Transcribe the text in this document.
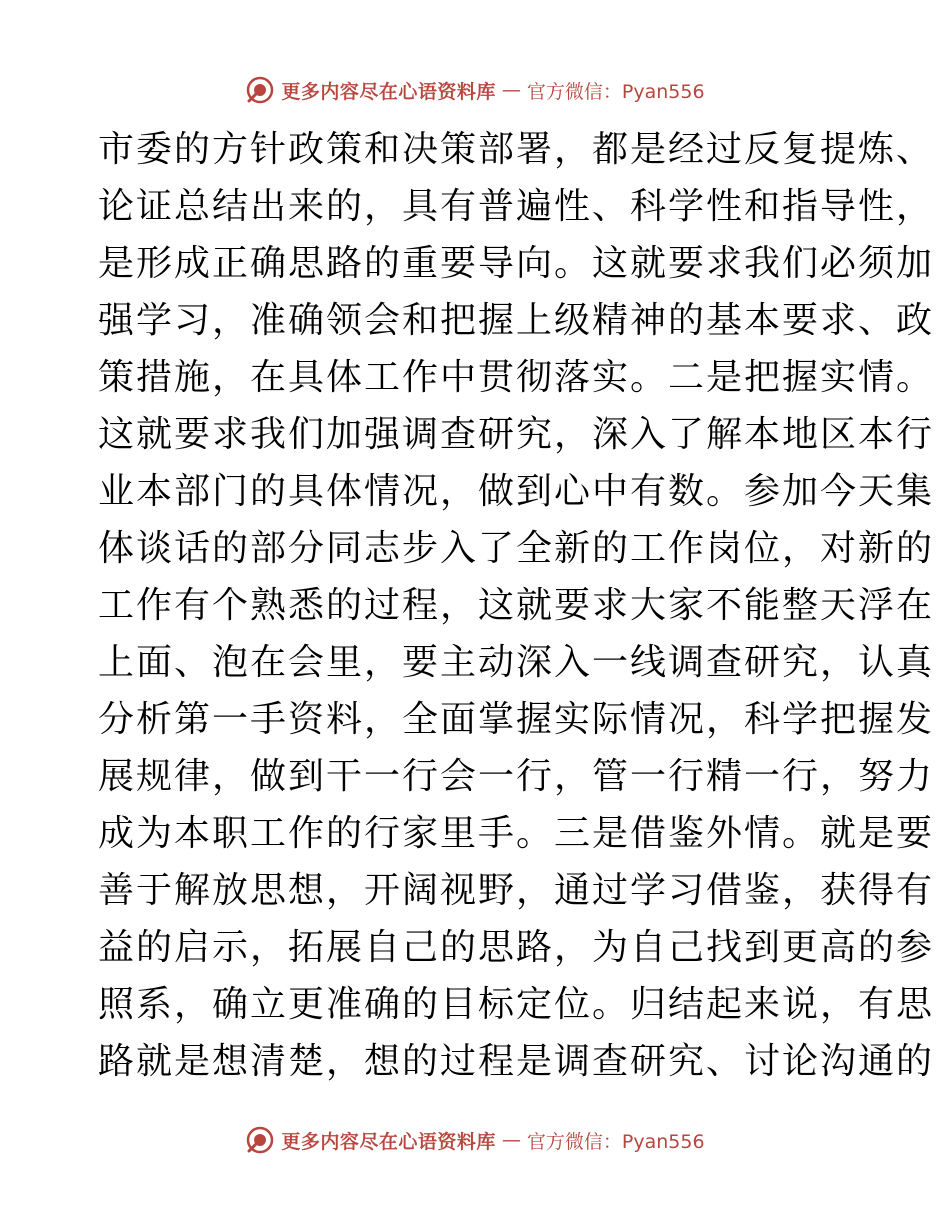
更多内容尽在心语资料库 — 官方微信：Pyan556
市委的方针政策和决策部署，都是经过反复提炼、
论证总结出来的，具有普遍性、科学性和指导性，
是形成正确思路的重要导向。这就要求我们必须加
强学习，准确领会和把握上级精神的基本要求、政
策措施，在具体工作中贯彻落实。二是把握实情。
这就要求我们加强调查研究，深入了解本地区本行
业本部门的具体情况，做到心中有数。参加今天集
体谈话的部分同志步入了全新的工作岗位，对新的
工作有个熟悉的过程，这就要求大家不能整天浮在
上面、泡在会里，要主动深入一线调查研究，认真
分析第一手资料，全面掌握实际情况，科学把握发
展规律，做到干一行会一行，管一行精一行，努力
成为本职工作的行家里手。三是借鉴外情。就是要
善于解放思想，开阔视野，通过学习借鉴，获得有
益的启示，拓展自己的思路，为自己找到更高的参
照系，确立更准确的目标定位。归结起来说，有思
路就是想清楚，想的过程是调查研究、讨论沟通的
更多内容尽在心语资料库 — 官方微信：Pyan556
